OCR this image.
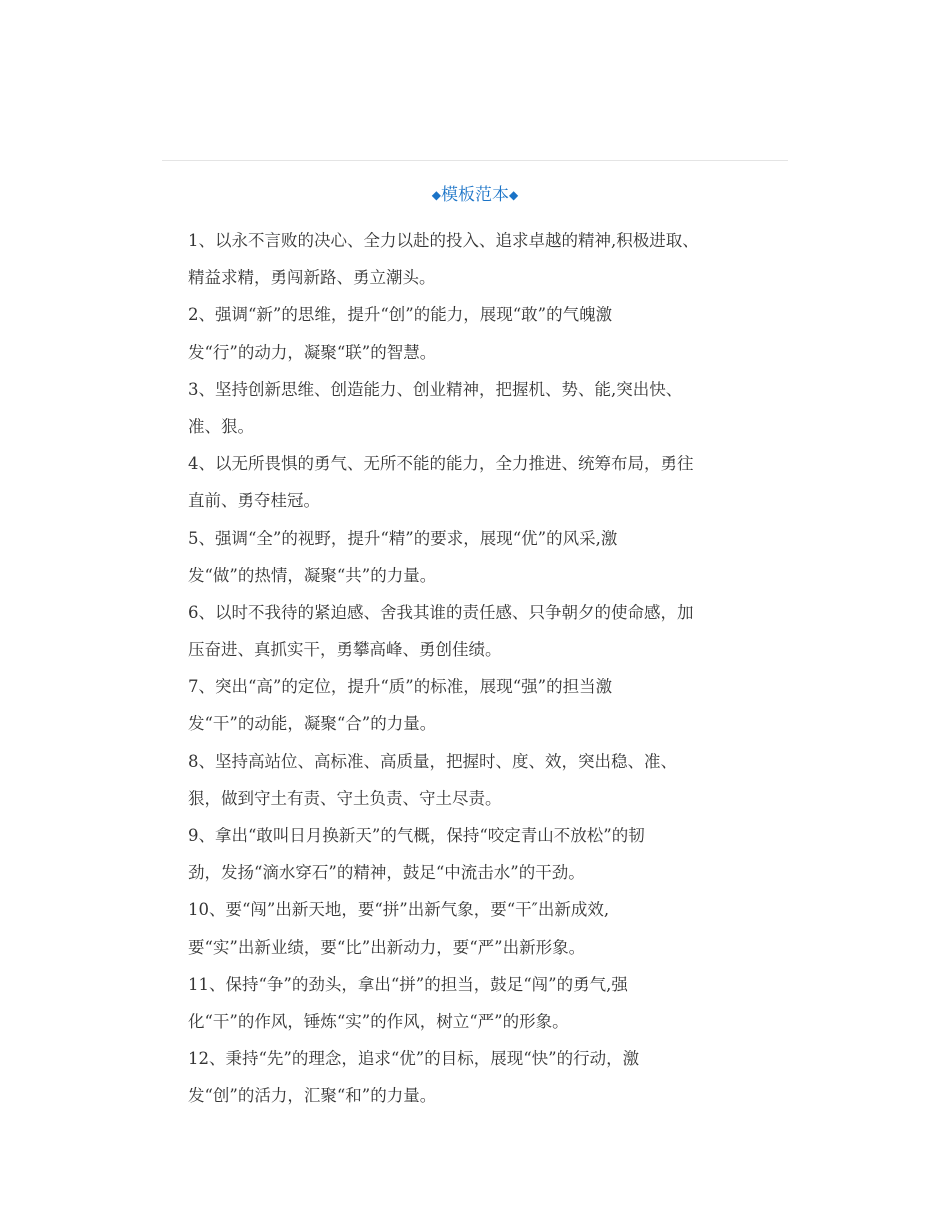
◆模板范本◆
1、以永不言败的决心、全力以赴的投入、追求卓越的精神,积极进取、
精益求精，勇闯新路、勇立潮头。
2、强调“新”的思维，提升“创”的能力，展现“敢”的气魄激
发“行”的动力，凝聚“联”的智慧。
3、坚持创新思维、创造能力、创业精神，把握机、势、能,突出快、
准、狠。
4、以无所畏惧的勇气、无所不能的能力，全力推进、统筹布局，勇往
直前、勇夺桂冠。
5、强调“全”的视野，提升“精”的要求，展现“优”的风采,激
发“做”的热情，凝聚“共”的力量。
6、以时不我待的紧迫感、舍我其谁的责任感、只争朝夕的使命感，加
压奋进、真抓实干，勇攀高峰、勇创佳绩。
7、突出“高”的定位，提升“质”的标准，展现“强”的担当激
发“干”的动能，凝聚“合”的力量。
8、坚持高站位、高标准、高质量，把握时、度、效，突出稳、准、
狠，做到守土有责、守土负责、守土尽责。
9、拿出“敢叫日月换新天”的气概，保持“咬定青山不放松”的韧
劲，发扬“滴水穿石”的精神，鼓足“中流击水”的干劲。
10、要“闯”出新天地，要“拼”出新气象，要“干″出新成效,
要“实”出新业绩，要“比”出新动力，要“严”出新形象。
11、保持“争”的劲头，拿出“拼”的担当，鼓足“闯”的勇气,强
化“干”的作风，锤炼“实”的作风，树立“严”的形象。
12、秉持“先”的理念，追求“优”的目标，展现“快”的行动，激
发“创”的活力，汇聚“和”的力量。
